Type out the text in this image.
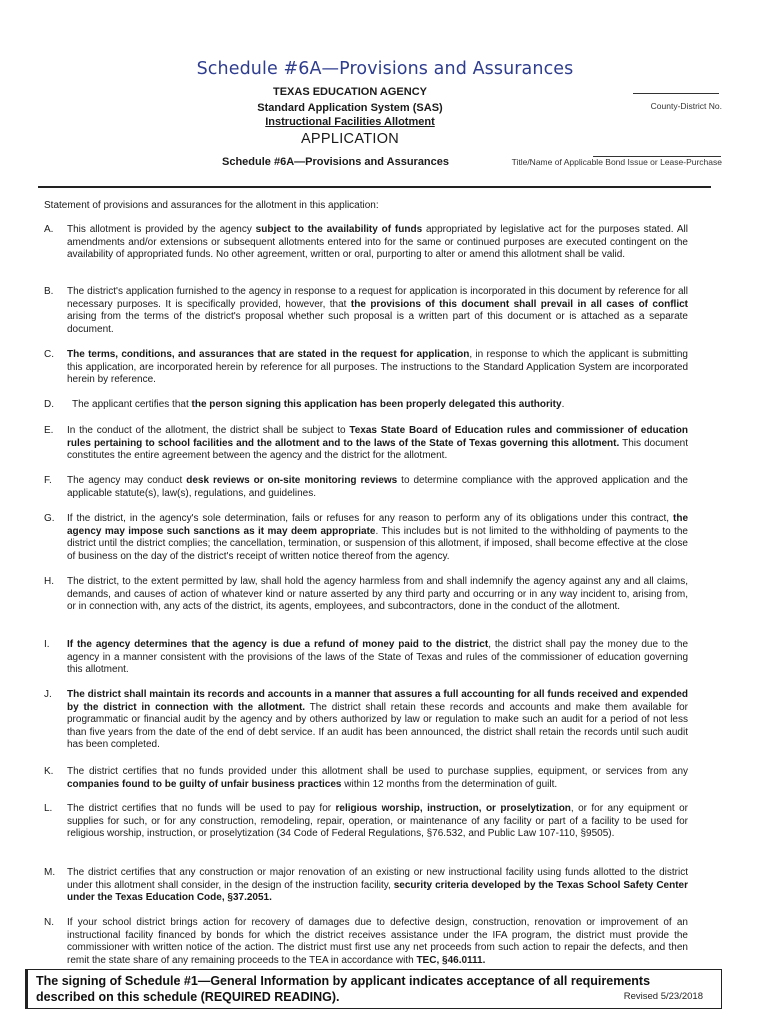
Schedule #6A—Provisions and Assurances
TEXAS EDUCATION AGENCY
Standard Application System (SAS)
Instructional Facilities Allotment
APPLICATION
Schedule #6A—Provisions and Assurances
County-District No.
Title/Name of Applicable Bond Issue or Lease-Purchase
Statement of provisions and assurances for the allotment in this application:
A. This allotment is provided by the agency subject to the availability of funds appropriated by legislative act for the purposes stated. All amendments and/or extensions or subsequent allotments entered into for the same or continued purposes are executed contingent on the availability of appropriated funds. No other agreement, written or oral, purporting to alter or amend this allotment shall be valid.
B. The district's application furnished to the agency in response to a request for application is incorporated in this document by reference for all necessary purposes. It is specifically provided, however, that the provisions of this document shall prevail in all cases of conflict arising from the terms of the district's proposal whether such proposal is a written part of this document or is attached as a separate document.
C. The terms, conditions, and assurances that are stated in the request for application, in response to which the applicant is submitting this application, are incorporated herein by reference for all purposes. The instructions to the Standard Application System are incorporated herein by reference.
D. The applicant certifies that the person signing this application has been properly delegated this authority.
E. In the conduct of the allotment, the district shall be subject to Texas State Board of Education rules and commissioner of education rules pertaining to school facilities and the allotment and to the laws of the State of Texas governing this allotment. This document constitutes the entire agreement between the agency and the district for the allotment.
F. The agency may conduct desk reviews or on-site monitoring reviews to determine compliance with the approved application and the applicable statute(s), law(s), regulations, and guidelines.
G. If the district, in the agency's sole determination, fails or refuses for any reason to perform any of its obligations under this contract, the agency may impose such sanctions as it may deem appropriate. This includes but is not limited to the withholding of payments to the district until the district complies; the cancellation, termination, or suspension of this allotment, if imposed, shall become effective at the close of business on the day of the district's receipt of written notice thereof from the agency.
H. The district, to the extent permitted by law, shall hold the agency harmless from and shall indemnify the agency against any and all claims, demands, and causes of action of whatever kind or nature asserted by any third party and occurring or in any way incident to, arising from, or in connection with, any acts of the district, its agents, employees, and subcontractors, done in the conduct of the allotment.
I. If the agency determines that the agency is due a refund of money paid to the district, the district shall pay the money due to the agency in a manner consistent with the provisions of the laws of the State of Texas and rules of the commissioner of education governing this allotment.
J. The district shall maintain its records and accounts in a manner that assures a full accounting for all funds received and expended by the district in connection with the allotment. The district shall retain these records and accounts and make them available for programmatic or financial audit by the agency and by others authorized by law or regulation to make such an audit for a period of not less than five years from the date of the end of debt service. If an audit has been announced, the district shall retain the records until such audit has been completed.
K. The district certifies that no funds provided under this allotment shall be used to purchase supplies, equipment, or services from any companies found to be guilty of unfair business practices within 12 months from the determination of guilt.
L. The district certifies that no funds will be used to pay for religious worship, instruction, or proselytization, or for any equipment or supplies for such, or for any construction, remodeling, repair, operation, or maintenance of any facility or part of a facility to be used for religious worship, instruction, or proselytization (34 Code of Federal Regulations, §76.532, and Public Law 107-110, §9505).
M. The district certifies that any construction or major renovation of an existing or new instructional facility using funds allotted to the district under this allotment shall consider, in the design of the instruction facility, security criteria developed by the Texas School Safety Center under the Texas Education Code, §37.2051.
N. If your school district brings action for recovery of damages due to defective design, construction, renovation or improvement of an instructional facility financed by bonds for which the district receives assistance under the IFA program, the district must provide the commissioner with written notice of the action. The district must first use any net proceeds from such action to repair the defects, and then remit the state share of any remaining proceeds to the TEA in accordance with TEC, §46.0111.
The signing of Schedule #1—General Information by applicant indicates acceptance of all requirements described on this schedule (REQUIRED READING).	Revised 5/23/2018
